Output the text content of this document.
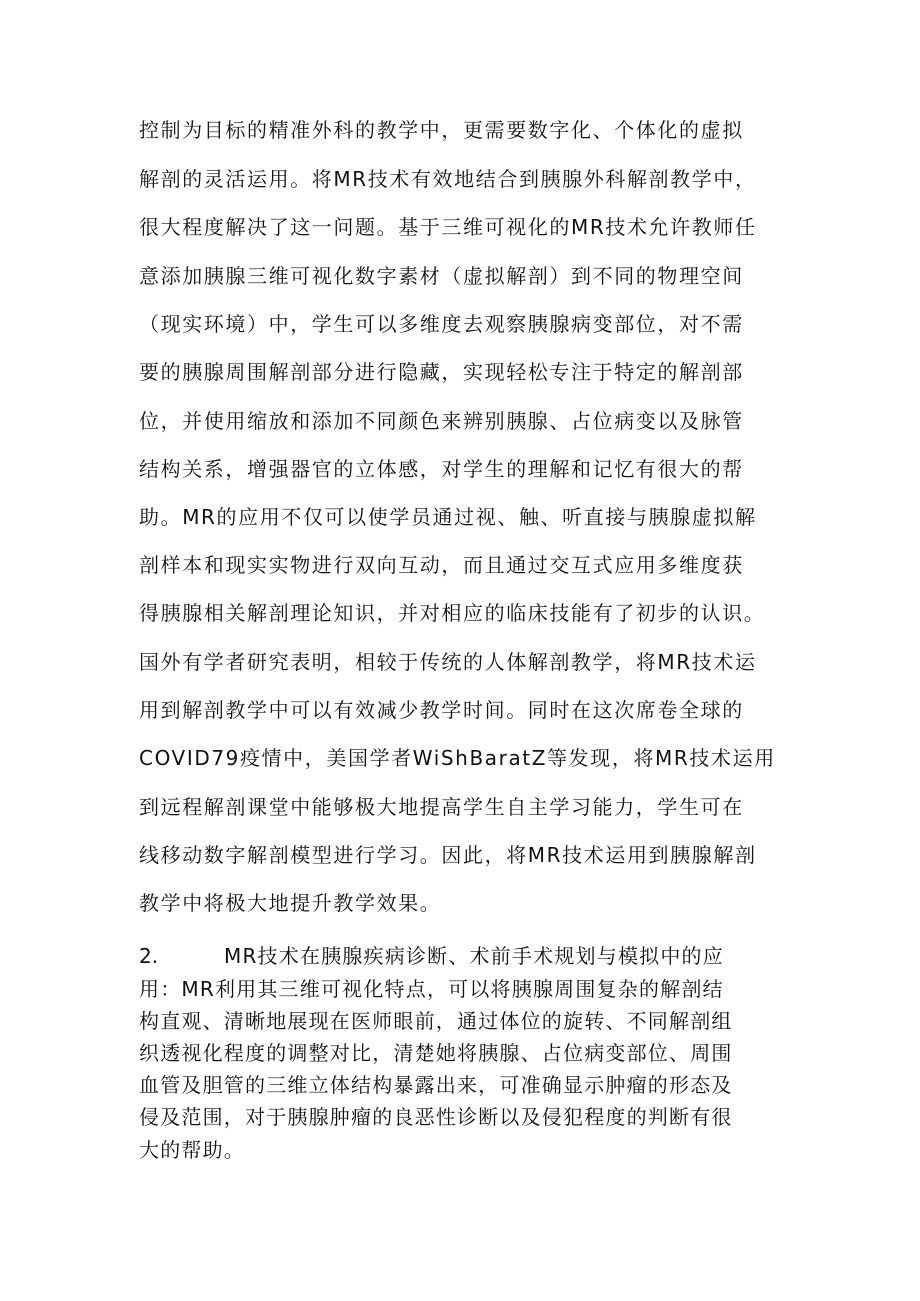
控制为目标的精准外科的教学中，更需要数字化、个体化的虚拟
解剖的灵活运用。将MR技术有效地结合到胰腺外科解剖教学中，
很大程度解决了这一问题。基于三维可视化的MR技术允许教师任
意添加胰腺三维可视化数字素材（虚拟解剖）到不同的物理空间
（现实环境）中，学生可以多维度去观察胰腺病变部位，对不需
要的胰腺周围解剖部分进行隐藏，实现轻松专注于特定的解剖部
位，并使用缩放和添加不同颜色来辨别胰腺、占位病变以及脉管
结构关系，增强器官的立体感，对学生的理解和记忆有很大的帮
助。MR的应用不仅可以使学员通过视、触、听直接与胰腺虚拟解
剖样本和现实实物进行双向互动，而且通过交互式应用多维度获
得胰腺相关解剖理论知识，并对相应的临床技能有了初步的认识。
国外有学者研究表明，相较于传统的人体解剖教学，将MR技术运
用到解剖教学中可以有效减少教学时间。同时在这次席卷全球的
COVID79疫情中，美国学者WiShBaratZ等发现，将MR技术运用
到远程解剖课堂中能够极大地提高学生自主学习能力，学生可在
线移动数字解剖模型进行学习。因此，将MR技术运用到胰腺解剖
教学中将极大地提升教学效果。
2.	MR技术在胰腺疾病诊断、术前手术规划与模拟中的应
用：MR利用其三维可视化特点，可以将胰腺周围复杂的解剖结
构直观、清晰地展现在医师眼前，通过体位的旋转、不同解剖组
织透视化程度的调整对比，清楚她将胰腺、占位病变部位、周围
血管及胆管的三维立体结构暴露出来，可准确显示肿瘤的形态及
侵及范围，对于胰腺肿瘤的良恶性诊断以及侵犯程度的判断有很
大的帮助。
